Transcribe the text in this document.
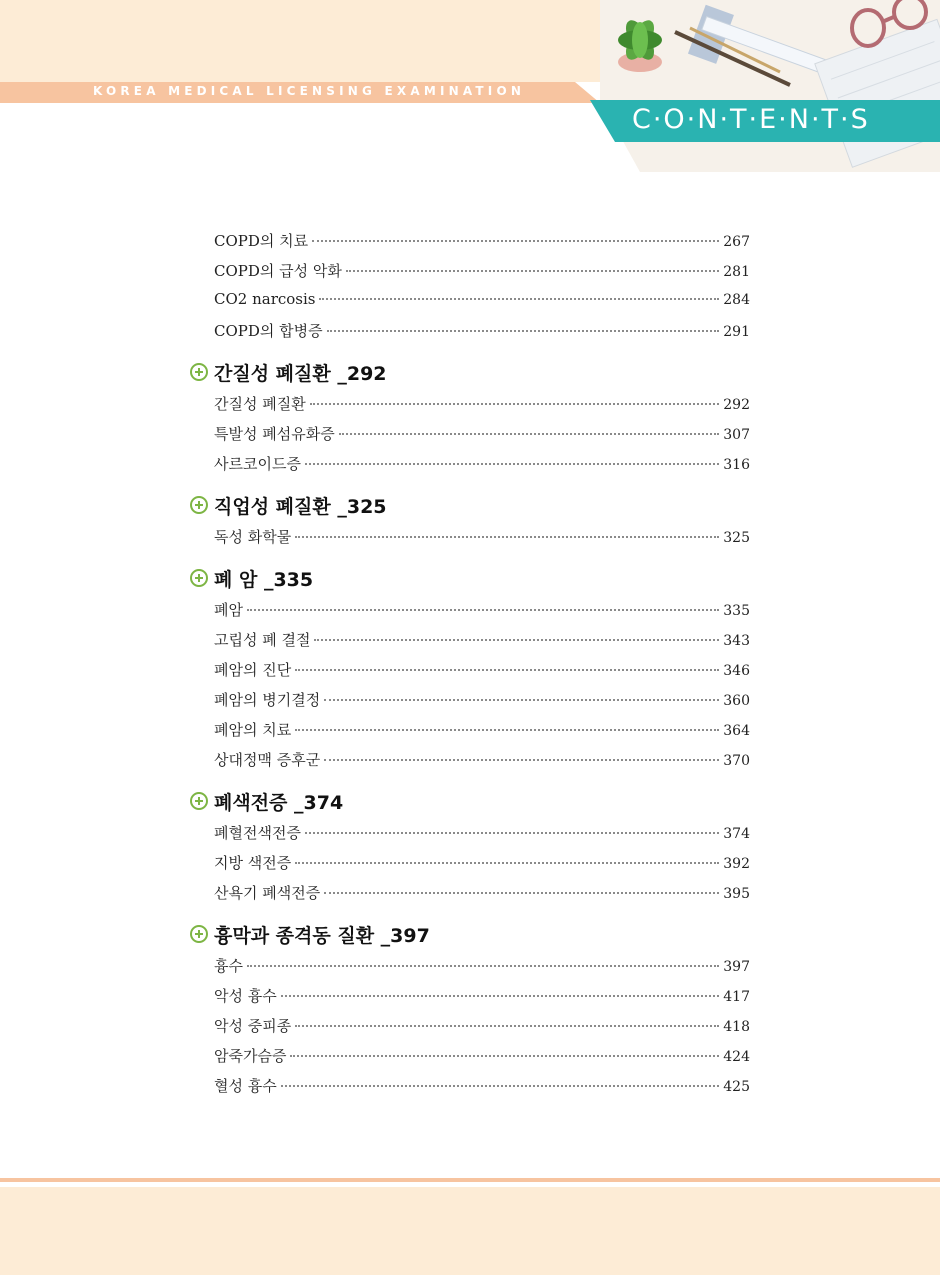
KOREA MEDICAL LICENSING EXAMINATION
C·O·N·T·E·N·T·S
COPD의 치료	267
COPD의 급성 악화	281
CO2 narcosis	284
COPD의 합병증	291
간질성 폐질환 _292
간질성 폐질환	292
특발성 폐섬유화증	307
사르코이드증	316
직업성 폐질환 _325
독성 화학물	325
폐 암 _335
폐암	335
고립성 폐 결절	343
폐암의 진단	346
폐암의 병기결정	360
폐암의 치료	364
상대정맥 증후군	370
폐색전증 _374
폐혈전색전증	374
지방 색전증	392
산욕기 폐색전증	395
흉막과 종격동 질환 _397
흉수	397
악성 흉수	417
악성 중피종	418
암죽가슴증	424
혈성 흉수	425
